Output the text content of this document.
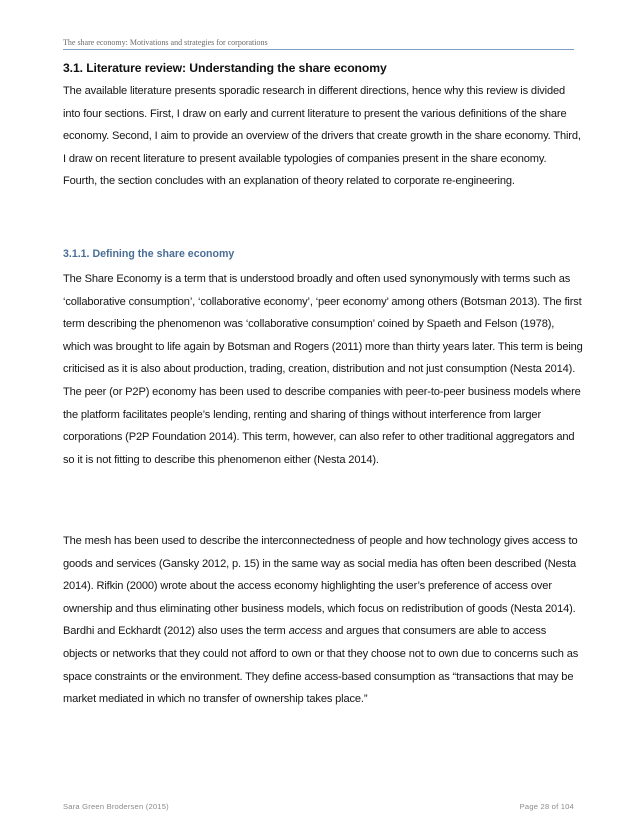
The share economy: Motivations and strategies for corporations
3.1. Literature review: Understanding the share economy

The available literature presents sporadic research in different directions, hence why this review is divided into four sections. First, I draw on early and current literature to present the various definitions of the share economy. Second, I aim to provide an overview of the drivers that create growth in the share economy. Third, I draw on recent literature to present available typologies of companies present in the share economy. Fourth, the section concludes with an explanation of theory related to corporate re-engineering.

3.1.1. Defining the share economy

The Share Economy is a term that is understood broadly and often used synonymously with terms such as ‘collaborative consumption’, ‘collaborative economy’, ‘peer economy’ among others (Botsman 2013). The first term describing the phenomenon was ‘collaborative consumption’ coined by Spaeth and Felson (1978), which was brought to life again by Botsman and Rogers (2011) more than thirty years later. This term is being criticised as it is also about production, trading, creation, distribution and not just consumption (Nesta 2014). The peer (or P2P) economy has been used to describe companies with peer-to-peer business models where the platform facilitates people’s lending, renting and sharing of things without interference from larger corporations (P2P Foundation 2014). This term, however, can also refer to other traditional aggregators and so it is not fitting to describe this phenomenon either (Nesta 2014).

The mesh has been used to describe the interconnectedness of people and how technology gives access to goods and services (Gansky 2012, p. 15) in the same way as social media has often been described (Nesta 2014). Rifkin (2000) wrote about the access economy highlighting the user’s preference of access over ownership and thus eliminating other business models, which focus on redistribution of goods (Nesta 2014). Bardhi and Eckhardt (2012) also uses the term access and argues that consumers are able to access objects or networks that they could not afford to own or that they choose not to own due to concerns such as space constraints or the environment. They define access-based consumption as “transactions that may be market mediated in which no transfer of ownership takes place.”

Sara Green Brodersen (2015)	Page 28 of 104
